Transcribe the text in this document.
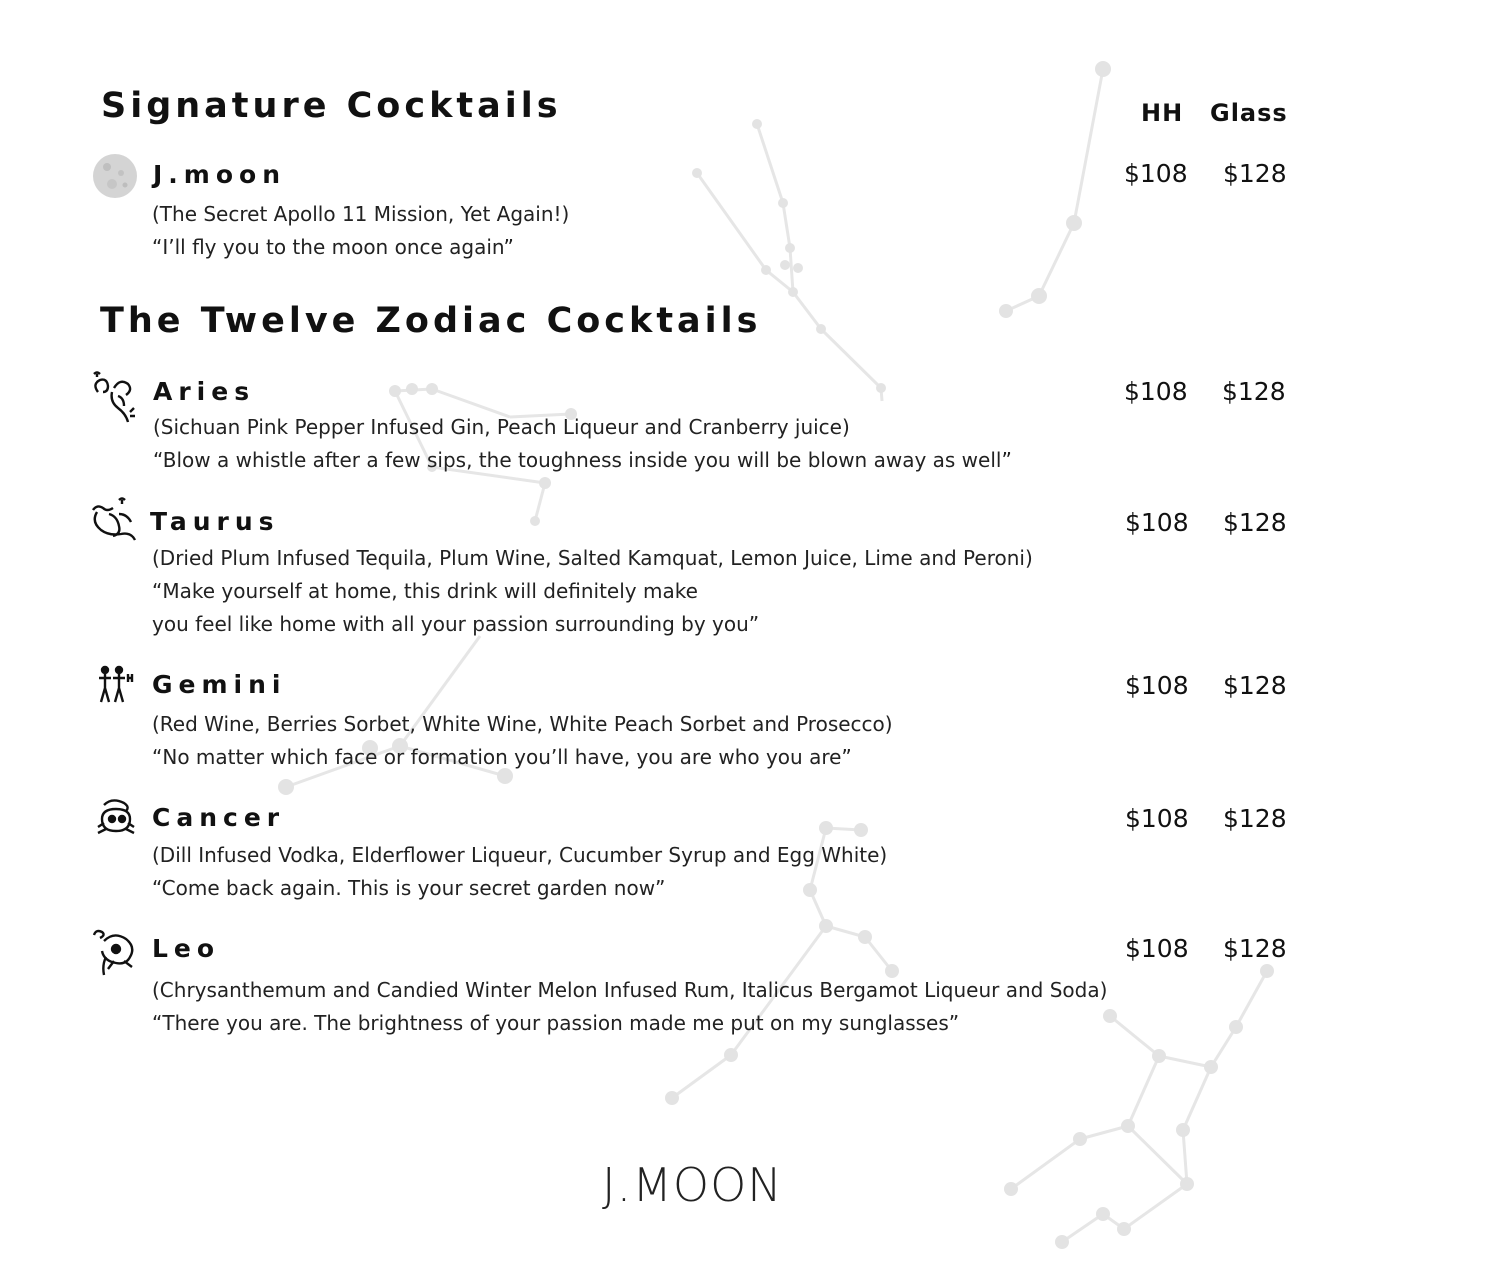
Signature Cocktails	HH Glass
J.moon
(The Secret Apollo 11 Mission, Yet Again!)
“I’ll fly you to the moon once again”
$108 $128
The Twelve Zodiac Cocktails
Aries
(Sichuan Pink Pepper Infused Gin, Peach Liqueur and Cranberry juice)
“Blow a whistle after a few sips, the toughness inside you will be blown away as well”
$108 $128
Taurus
(Dried Plum Infused Tequila, Plum Wine, Salted Kamquat, Lemon Juice, Lime and Peroni)
“Make yourself at home, this drink will definitely make
you feel like home with all your passion surrounding by you”
$108 $128
Gemini
(Red Wine, Berries Sorbet, White Wine, White Peach Sorbet and Prosecco)
“No matter which face or formation you’ll have, you are who you are”
$108 $128
Cancer
(Dill Infused Vodka, Elderflower Liqueur, Cucumber Syrup and Egg White)
“Come back again. This is your secret garden now”
$108 $128
Leo
(Chrysanthemum and Candied Winter Melon Infused Rum, Italicus Bergamot Liqueur and Soda)
“There you are. The brightness of your passion made me put on my sunglasses”
$108 $128
J.MOON
